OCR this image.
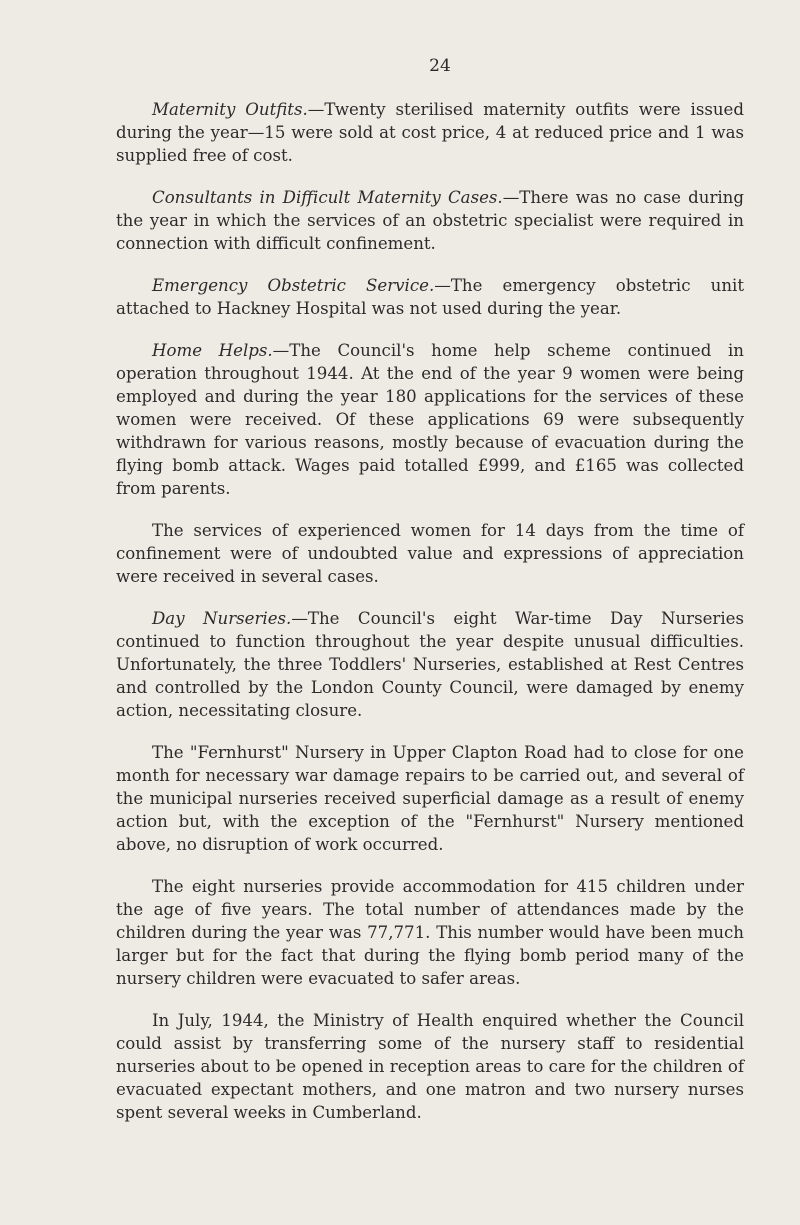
24

Maternity Outfits.—Twenty sterilised maternity outfits were issued during the year—15 were sold at cost price, 4 at reduced price and 1 was supplied free of cost.

Consultants in Difficult Maternity Cases.—There was no case during the year in which the services of an obstetric specialist were required in connection with difficult confinement.

Emergency Obstetric Service.—The emergency obstetric unit attached to Hackney Hospital was not used during the year.

Home Helps.—The Council's home help scheme continued in operation throughout 1944. At the end of the year 9 women were being employed and during the year 180 applications for the services of these women were received. Of these applications 69 were subsequently withdrawn for various reasons, mostly because of evacuation during the flying bomb attack. Wages paid totalled £999, and £165 was collected from parents.

The services of experienced women for 14 days from the time of confinement were of undoubted value and expressions of appreciation were received in several cases.

Day Nurseries.—The Council's eight War-time Day Nurseries continued to function throughout the year despite unusual difficulties. Unfortunately, the three Toddlers' Nurseries, established at Rest Centres and controlled by the London County Council, were damaged by enemy action, necessitating closure.

The "Fernhurst" Nursery in Upper Clapton Road had to close for one month for necessary war damage repairs to be carried out, and several of the municipal nurseries received superficial damage as a result of enemy action but, with the exception of the "Fernhurst" Nursery mentioned above, no disruption of work occurred.

The eight nurseries provide accommodation for 415 children under the age of five years. The total number of attendances made by the children during the year was 77,771. This number would have been much larger but for the fact that during the flying bomb period many of the nursery children were evacuated to safer areas.

In July, 1944, the Ministry of Health enquired whether the Council could assist by transferring some of the nursery staff to residential nurseries about to be opened in reception areas to care for the children of evacuated expectant mothers, and one matron and two nursery nurses spent several weeks in Cumberland.
